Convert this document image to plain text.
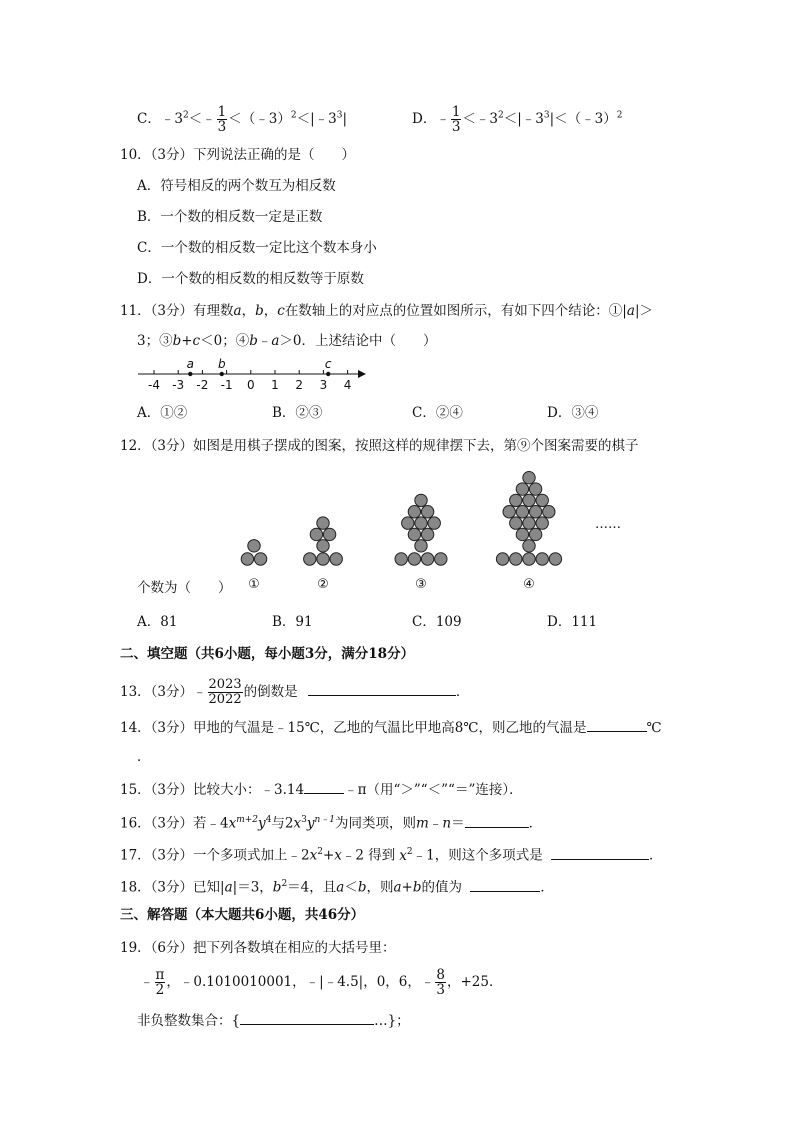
C．$﹣3^2<﹣ \frac{1}{3}$ $<(﹣3)^2<|﹣3^3|$	D．﹣ $\frac{1}{3}$ $<﹣3^2<|﹣3^3|<(﹣3)^2$
10．（3分）下列说法正确的是（　　）
A．符号相反的两个数互为相反数
B．一个数的相反数一定是正数
C．一个数的相反数一定比这个数本身小
D．一个数的相反数的相反数等于原数
11．（3分）有理数a，b，c在数轴上的对应点的位置如图所示，有如下四个结论：①|a|＞
3；③b+c＜0；④b﹣a＞0．上述结论中（　　）
-4 -3 -2 -1 0 1 2 3 4
a b	c
A．①②	B．②③	C．②④	D．③④
12．（3分）如图是用棋子摆成的图案，按照这样的规律摆下去，第⑨个图案需要的棋子
①	②	③	④
……
个数为（　　）
A．81	B．91	C．109	D．111
二、填空题（共6小题，每小题3分，满分18分）
13．（3分）﹣ $\frac{2023}{2022}$ 的倒数是	．
14．（3分）甲地的气温是﹣15℃，乙地的气温比甲地高8℃，则乙地的气温是	℃
．
15．（3分）比较大小：﹣3.14	﹣π（用“＞”“＜”“＝”连接）．
16．（3分）若$﹣4x^{m+2}y^4$与$2x^3y^{n﹣1}$为同类项，则m﹣n＝	．
17．（3分）一个多项式加上$﹣2x^2+x﹣2$ 得到 $x^2﹣1$，则这个多项式是	．
18．（3分）已知|a|＝3，$b^2=4$，且a＜b，则a+b的值为	．
三、解答题（本大题共6小题，共46分）
19．（6分）把下列各数填在相应的大括号里：
﹣ $\frac{\pi}{2}$ ，﹣0.1010010001，﹣|﹣4.5|，0，6，﹣ $\frac{8}{3}$ ，+25．
非负整数集合：{	…}；
